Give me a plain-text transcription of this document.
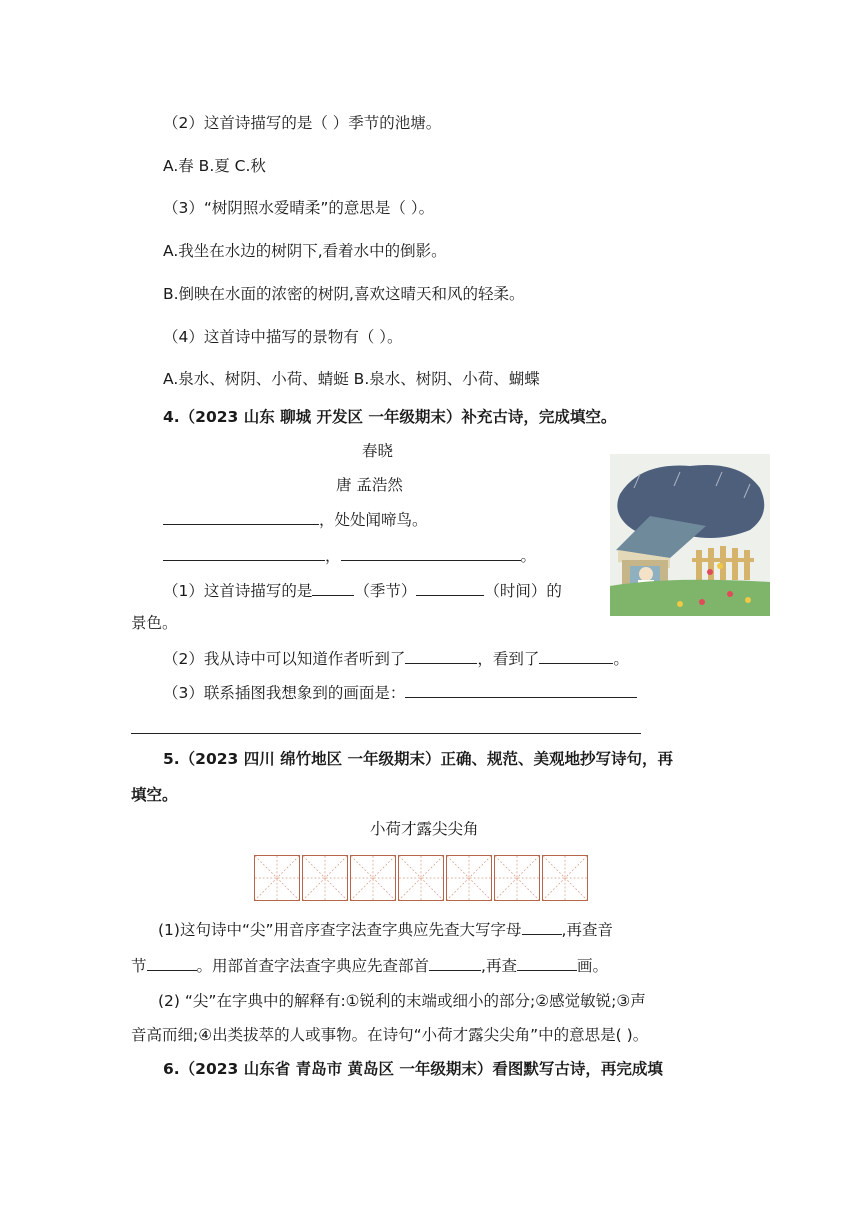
（2）这首诗描写的是（ ）季节的池塘。
A.春 B.夏 C.秋
（3）“树阴照水爱晴柔”的意思是（ ）。
A.我坐在水边的树阴下,看着水中的倒影。
B.倒映在水面的浓密的树阴,喜欢这晴天和风的轻柔。
（4）这首诗中描写的景物有（ ）。
A.泉水、树阴、小荷、蜻蜓 B.泉水、树阴、小荷、蝴蝶
4.（2023 山东 聊城 开发区 一年级期末）补充古诗，完成填空。
春晓
唐 孟浩然
，处处闻啼鸟。
，	。
（1）这首诗描写的是	（季节）	（时间）的
景色。
（2）我从诗中可以知道作者听到了	，看到了	。
（3）联系插图我想象到的画面是：
5.（2023 四川 绵竹地区 一年级期末）正确、规范、美观地抄写诗句，再
填空。
小荷才露尖尖角
(1)这句诗中“尖”用音序查字法查字典应先查大写字母	,再查音
节	。用部首查字法查字典应先查部首	,再查	画。
(2) “尖”在字典中的解释有:①锐利的末端或细小的部分;②感觉敏锐;③声
音高而细;④出类拔萃的人或事物。在诗句“小荷才露尖尖角”中的意思是( )。
6.（2023 山东省 青岛市 黄岛区 一年级期末）看图默写古诗，再完成填
